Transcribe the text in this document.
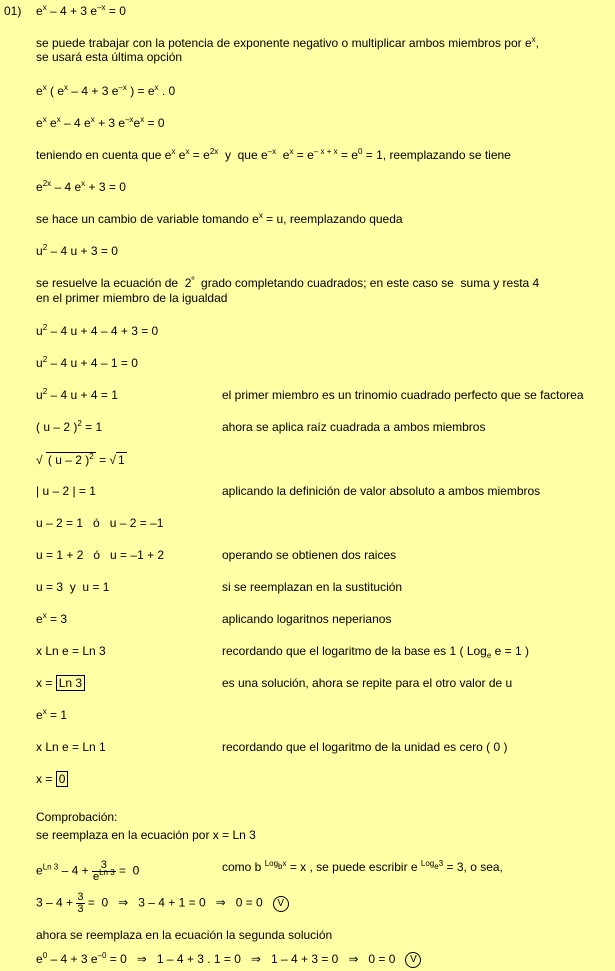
01) $e^x - 4 + 3$ $e^{-x} = 0$
se puede trabajar con la potencia de exponente negativo o multiplicar ambos miembros por $e^x$,
se usará esta última opción
$e^x$ ( $e^x - 4 + 3$ $e^{-x}$ ) = $e^x$ . 0
$e^x$ $e^x - 4$ $e^x + 3$ $e^{-x}e^x = 0$
teniendo en cuenta que $e^x$ $e^x = e^{2x}$  y  que $e^{-x}$  $e^x = e^{- x + x} = e^0 = 1$, reemplazando se tiene
$e^{2x} - 4$ $e^x + 3 = 0$
se hace un cambio de variable tomando $e^x = u$, reemplazando queda
$u^2 - 4$ u + 3 = 0
se resuelve la ecuación de  $2^º$  grado completando cuadrados; en este caso se  suma y resta 4
en el primer miembro de la igualdad
$u^2 - 4$ u + 4 – 4 + 3 = 0
$u^2 - 4$ u + 4 – 1 = 0
$u^2 - 4$ u + 4 = 1	el primer miembro es un trinomio cuadrado perfecto que se factorea
( u – 2 )$^2$ = 1	ahora se aplica raíz cuadrada a ambos miembros
√ ( u – 2 )$^2$ = √ 1
| u – 2 | = 1	aplicando la definición de valor absoluto a ambos miembros
u – 2 = 1   ó   u – 2 = –1
u = 1 + 2   ó   u = –1 + 2	operando se obtienen dos raices
u = 3  y  u = 1	si se reemplazan en la sustitución
$e^x = 3$	aplicando logaritnos neperianos
x Ln e = Ln 3	recordando que el logaritmo de la base es 1 ( Log$_e$ e = 1 )
x = Ln 3	es una solución, ahora se repite para el otro valor de u
$e^x = 1$
x Ln e = Ln 1	recordando que el logaritmo de la unidad es cero ( 0 )
x = 0
Comprobación:
se reemplaza en la ecuación por x = Ln 3
$e^{Ln 3} - 4 + \frac{3}{e^{Ln 3}} = 0$	como b $^{Log_bx}$ = x , se puede escribir e $^{Log_e3}$ = 3, o sea,
$3 - 4 + \frac{3}{3} = 0$   ⇒   3 – 4 + 1 = 0   ⇒   0 = 0   V
ahora se reemplaza en la ecuación la segunda solución
$e^0 - 4 + 3$ $e^{-0} = 0$   ⇒   1 – 4 + 3 . 1 = 0   ⇒   1 – 4 + 3 = 0   ⇒   0 = 0   V
